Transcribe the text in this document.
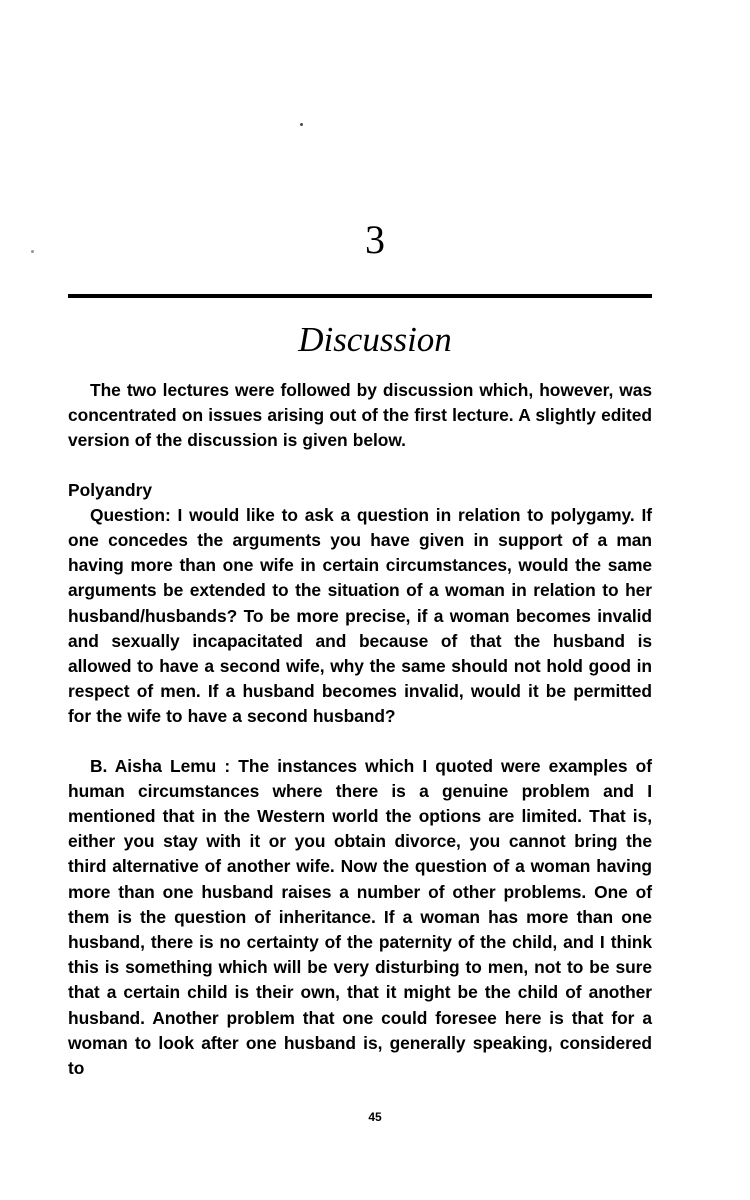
3
Discussion

The two lectures were followed by discussion which, however, was concentrated on issues arising out of the first lecture. A slightly edited version of the discussion is given below.

Polyandry

Question: I would like to ask a question in relation to polygamy. If one concedes the arguments you have given in support of a man having more than one wife in certain circumstances, would the same arguments be extended to the situation of a woman in relation to her husband/husbands? To be more precise, if a woman becomes invalid and sexually incapacitated and because of that the husband is allowed to have a second wife, why the same should not hold good in respect of men. If a husband becomes invalid, would it be permitted for the wife to have a second husband?

B. Aisha Lemu : The instances which I quoted were examples of human circumstances where there is a genuine problem and I mentioned that in the Western world the options are limited. That is, either you stay with it or you obtain divorce, you cannot bring the third alternative of another wife. Now the question of a woman having more than one husband raises a number of other problems. One of them is the question of inheritance. If a woman has more than one husband, there is no certainty of the paternity of the child, and I think this is something which will be very disturbing to men, not to be sure that a certain child is their own, that it might be the child of another husband. Another problem that one could foresee here is that for a woman to look after one husband is, generally speaking, considered to

45
